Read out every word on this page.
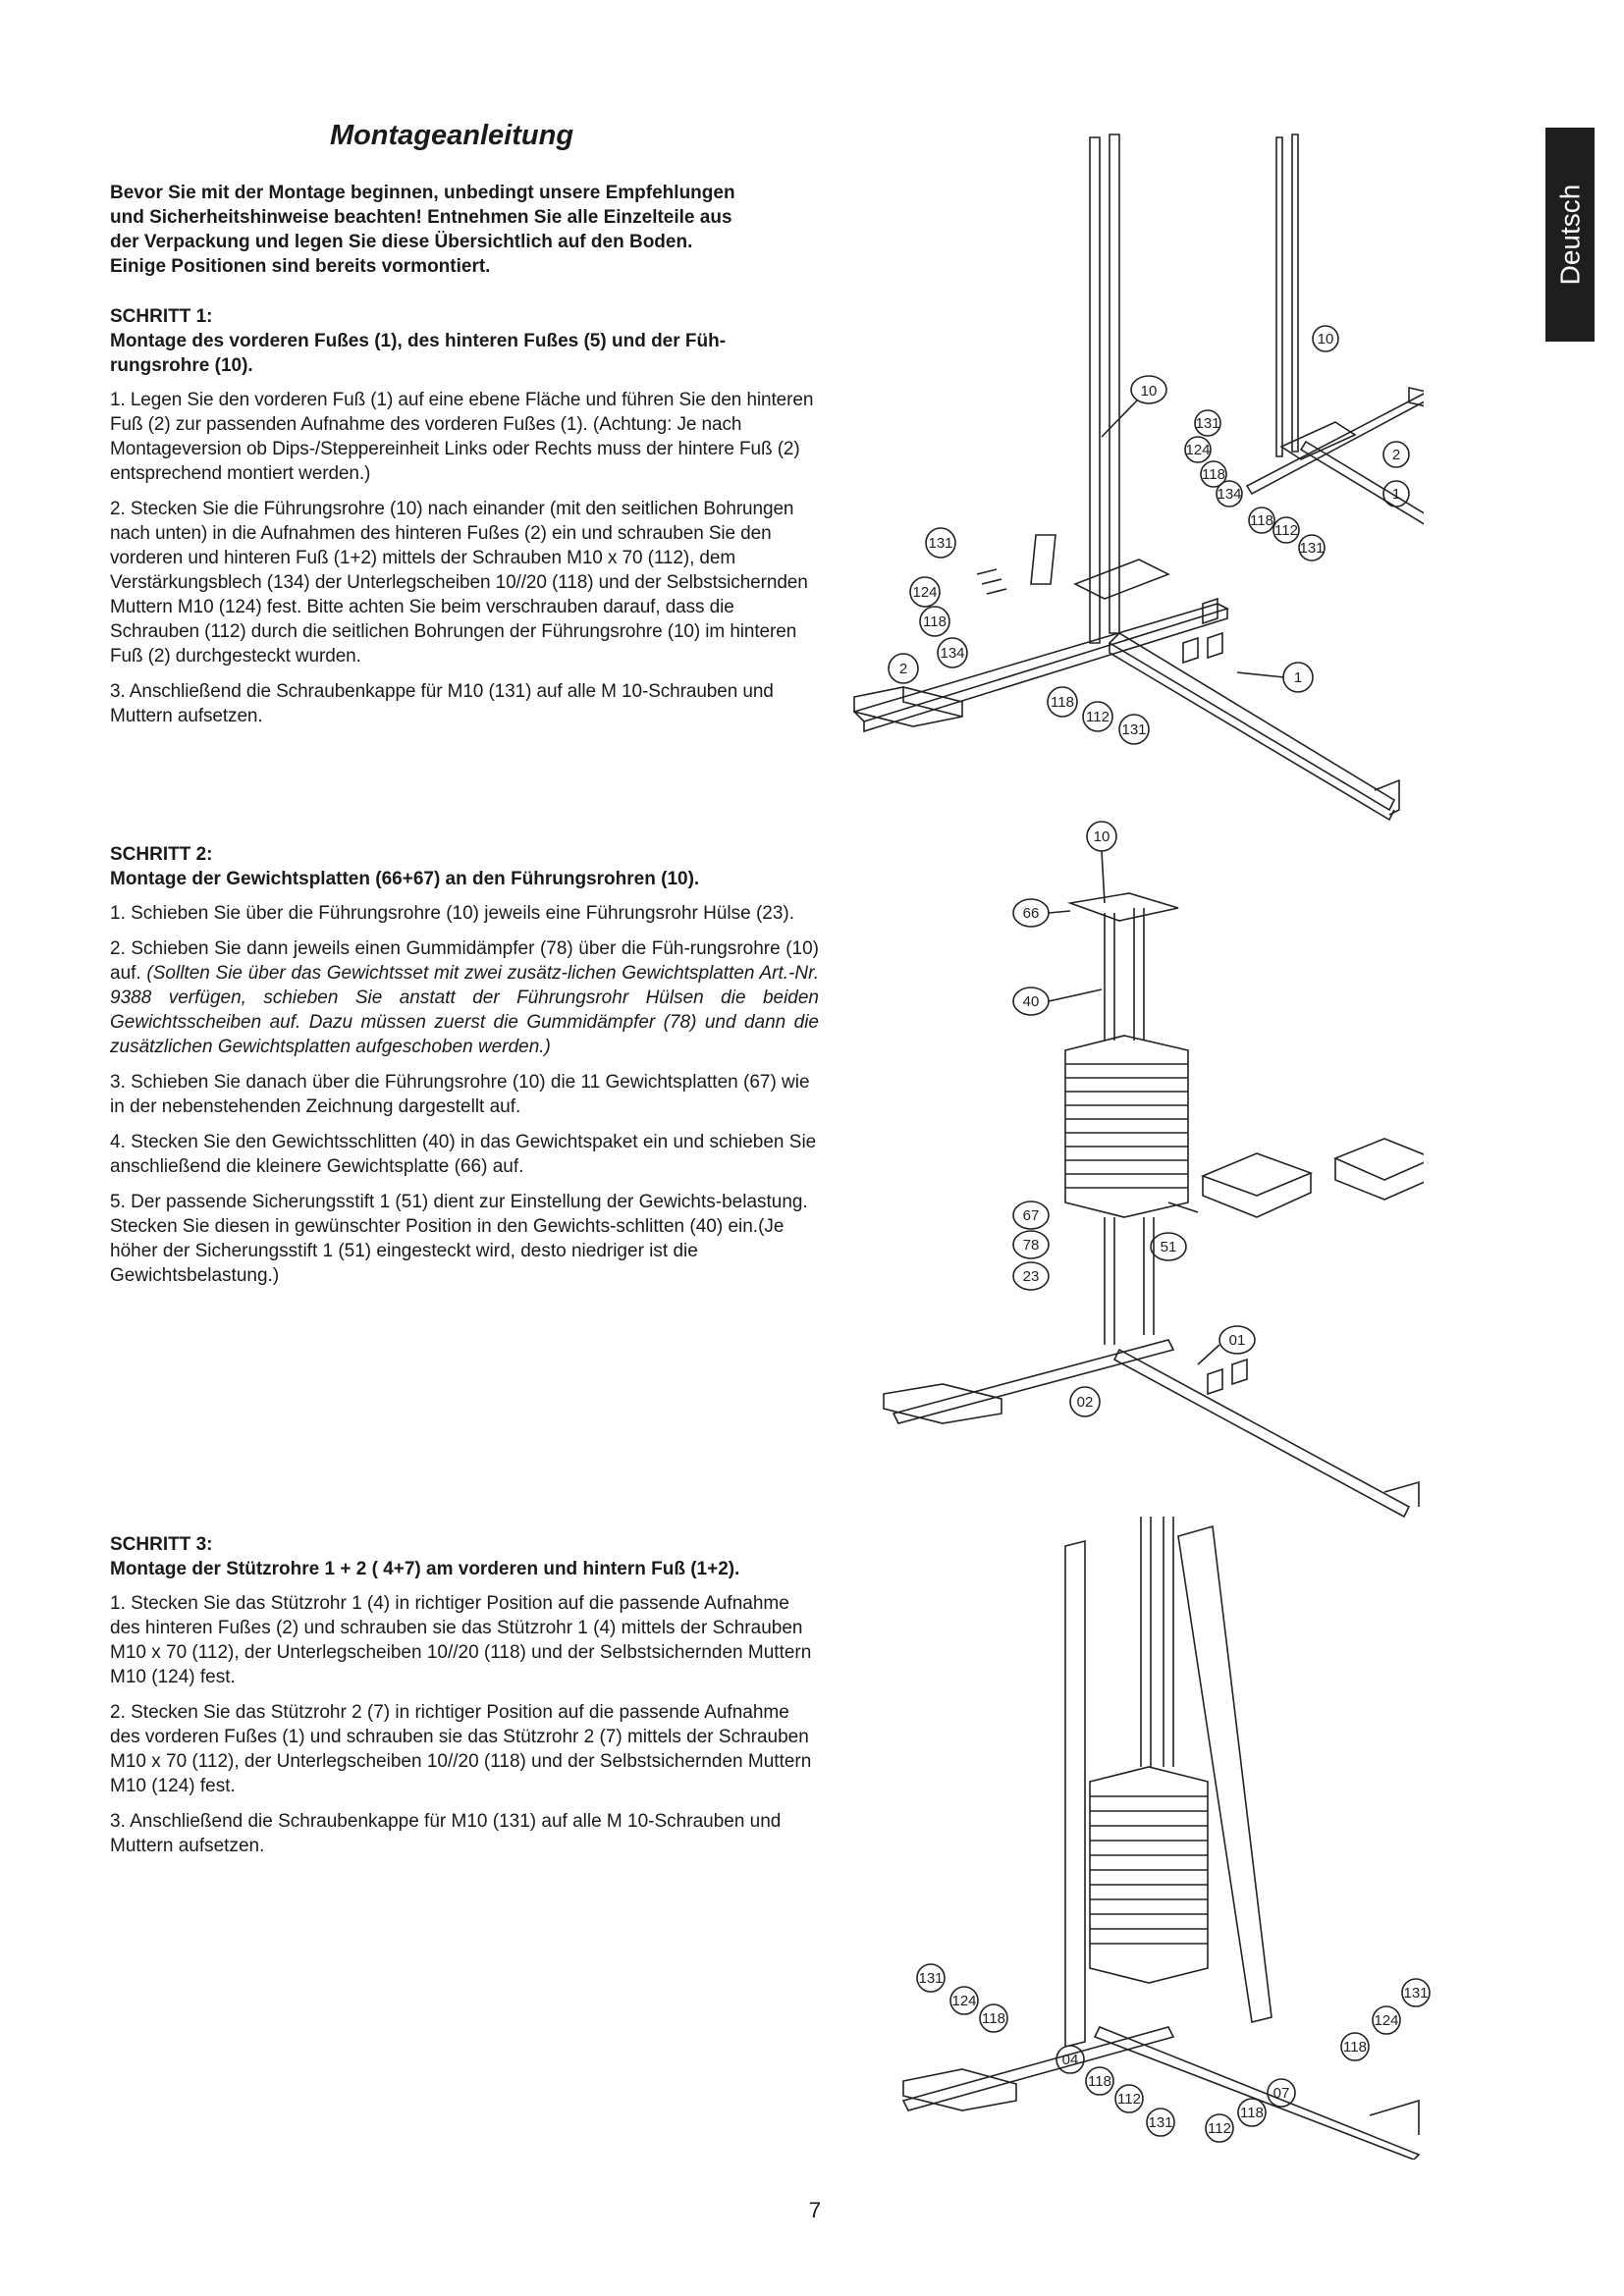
Montageanleitung
Deutsch
Bevor Sie mit der Montage beginnen, unbedingt unsere Empfehlungen
und Sicherheitshinweise beachten! Entnehmen Sie alle Einzelteile aus
der Verpackung und legen Sie diese Übersichtlich auf den Boden.
Einige Positionen sind bereits vormontiert.
SCHRITT 1:
Montage des vorderen Fußes (1), des hinteren Fußes (5) und der Füh-rungsrohre (10).

1. Legen Sie den vorderen Fuß (1) auf eine ebene Fläche und führen Sie den hinteren Fuß (2) zur passenden Aufnahme des vorderen Fußes (1). (Achtung: Je nach Montageversion ob Dips-/Steppereinheit Links oder Rechts muss der hintere Fuß (2) entsprechend montiert werden.)

2. Stecken Sie die Führungsrohre (10) nach einander (mit den seitlichen Bohrungen nach unten) in die Aufnahmen des hinteren Fußes (2) ein und schrauben Sie den vorderen und hinteren Fuß (1+2) mittels der Schrauben M10 x 70 (112), dem Verstärkungsblech (134) der Unterlegscheiben 10//20 (118) und der Selbstsichernden Muttern M10 (124) fest. Bitte achten Sie beim verschrauben darauf, dass die Schrauben (112) durch die seitlichen Bohrungen der Führungsrohre (10) im hinteren Fuß (2) durchgesteckt wurden.

3. Anschließend die Schraubenkappe für M10 (131) auf alle M 10-Schrauben und Muttern aufsetzen.

SCHRITT 2:
Montage der Gewichtsplatten (66+67) an den Führungsrohren (10).

1. Schieben Sie über die Führungsrohre (10) jeweils eine Führungsrohr Hülse (23).

2. Schieben Sie dann jeweils einen Gummidämpfer (78) über die Füh-rungsrohre (10) auf. (Sollten Sie über das Gewichtsset mit zwei zusätz-lichen Gewichtsplatten Art.-Nr. 9388 verfügen, schieben Sie anstatt der Führungsrohr Hülsen die beiden Gewichtsscheiben auf. Dazu müssen zuerst die Gummidämpfer (78) und dann die zusätzlichen Gewichtsplatten aufgeschoben werden.)

3. Schieben Sie danach über die Führungsrohre (10) die 11 Gewichtsplatten (67) wie in der nebenstehenden Zeichnung dargestellt auf.

4. Stecken Sie den Gewichtsschlitten (40) in das Gewichtspaket ein und schieben Sie anschließend die kleinere Gewichtsplatte (66) auf.

5. Der passende Sicherungsstift 1 (51) dient zur Einstellung der Gewichts-belastung. Stecken Sie diesen in gewünschter Position in den Gewichts-schlitten (40) ein.(Je höher der Sicherungsstift 1 (51) eingesteckt wird, desto niedriger ist die Gewichtsbelastung.)

SCHRITT 3:
Montage der Stützrohre 1 + 2 ( 4+7) am vorderen und hintern Fuß (1+2).

1. Stecken Sie das Stützrohr 1 (4) in richtiger Position auf die passende Aufnahme des hinteren Fußes (2) und schrauben sie das Stützrohr 1 (4) mittels der Schrauben M10 x 70 (112), der Unterlegscheiben 10//20 (118) und der Selbstsichernden Muttern M10 (124) fest.

2. Stecken Sie das Stützrohr 2 (7) in richtiger Position auf die passende Aufnahme des vorderen Fußes (1) und schrauben sie das Stützrohr 2 (7) mittels der Schrauben M10 x 70 (112), der Unterlegscheiben 10//20 (118) und der Selbstsichernden Muttern M10 (124) fest.

3. Anschließend die Schraubenkappe für M10 (131) auf alle M 10-Schrauben und Muttern aufsetzen.

7
10
131
124
118
134
2
118
112
131
1
10
131
124
118
134
118
112
131
2
1
10
66
40
67
78
23
51
01
02
131
124
118
04
118
112
131 112
118
07
118
124
131
